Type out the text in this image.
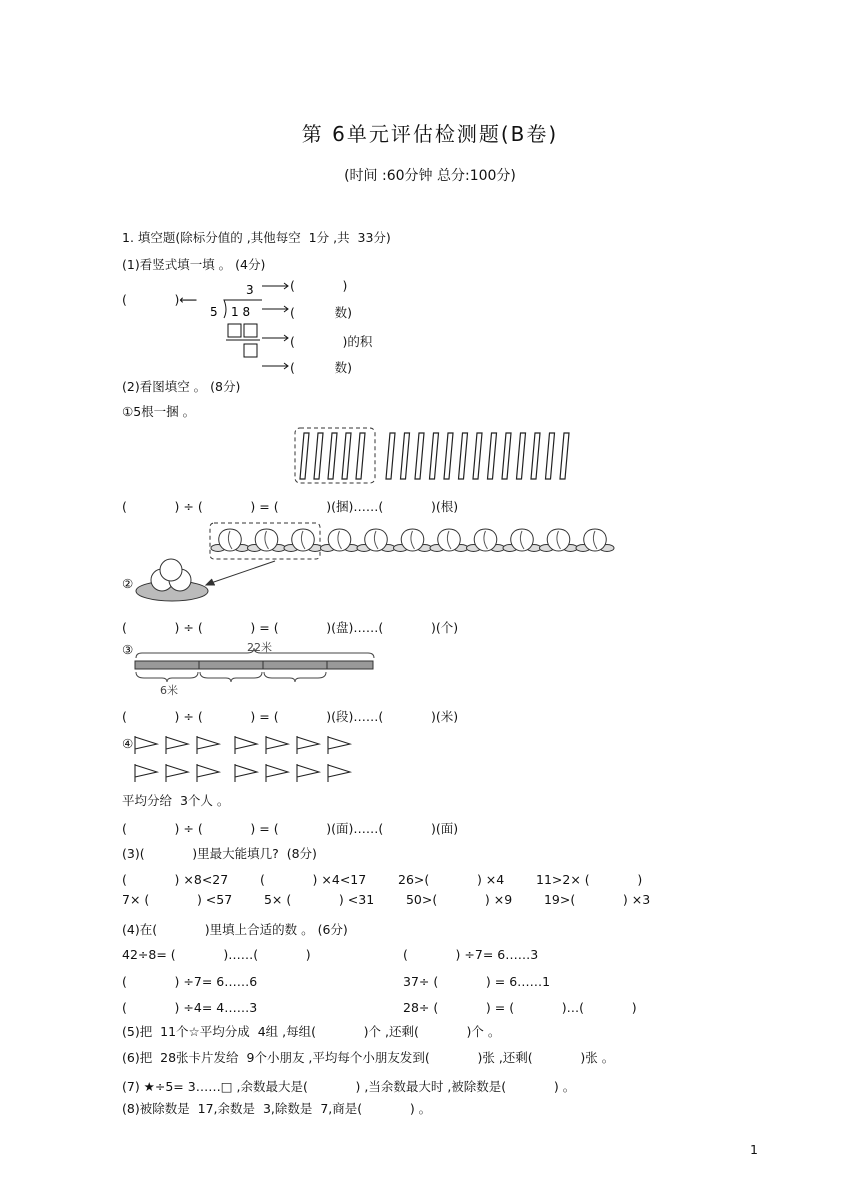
第 6单元评估检测题(B卷)
(时间 :60分钟 总分:100分)
1. 填空题(除标分值的 ,其他每空  1分 ,共  33分)
(1)看竖式填一填 。 (4分)
(            )⟵
3
5 1 8
(            )
(          数)
(            )的积
(          数)
(2)看图填空 。 (8分)
①5根一捆 。
(            ) ÷ (            ) = (            )(捆)……(            )(根)
②
(            ) ÷ (            ) = (            )(盘)……(            )(个)
③	22米
6米
(            ) ÷ (            ) = (            )(段)……(            )(米)
④
平均分给  3个人 。
(            ) ÷ (            ) = (            )(面)……(            )(面)
(3)(            )里最大能填几?  (8分)
(            ) ×8<27        (            ) ×4<17        26>(            ) ×4        11>2× (            )
7× (            ) <57        5× (            ) <31        50>(            ) ×9        19>(            ) ×3
(4)在(            )里填上合适的数 。 (6分)
42÷8= (            )……(            )	(            ) ÷7= 6……3
(            ) ÷7= 6……6	37÷ (            ) = 6……1
(            ) ÷4= 4……3	28÷ (            ) = (            )…(            )
(5)把  11个☆平均分成  4组 ,每组(            )个 ,还剩(            )个 。
(6)把  28张卡片发给  9个小朋友 ,平均每个小朋友发到(            )张 ,还剩(            )张 。
(7) ★÷5= 3……□ ,余数最大是(            ) ,当余数最大时 ,被除数是(            ) 。
(8)被除数是  17,余数是  3,除数是  7,商是(            ) 。
1
